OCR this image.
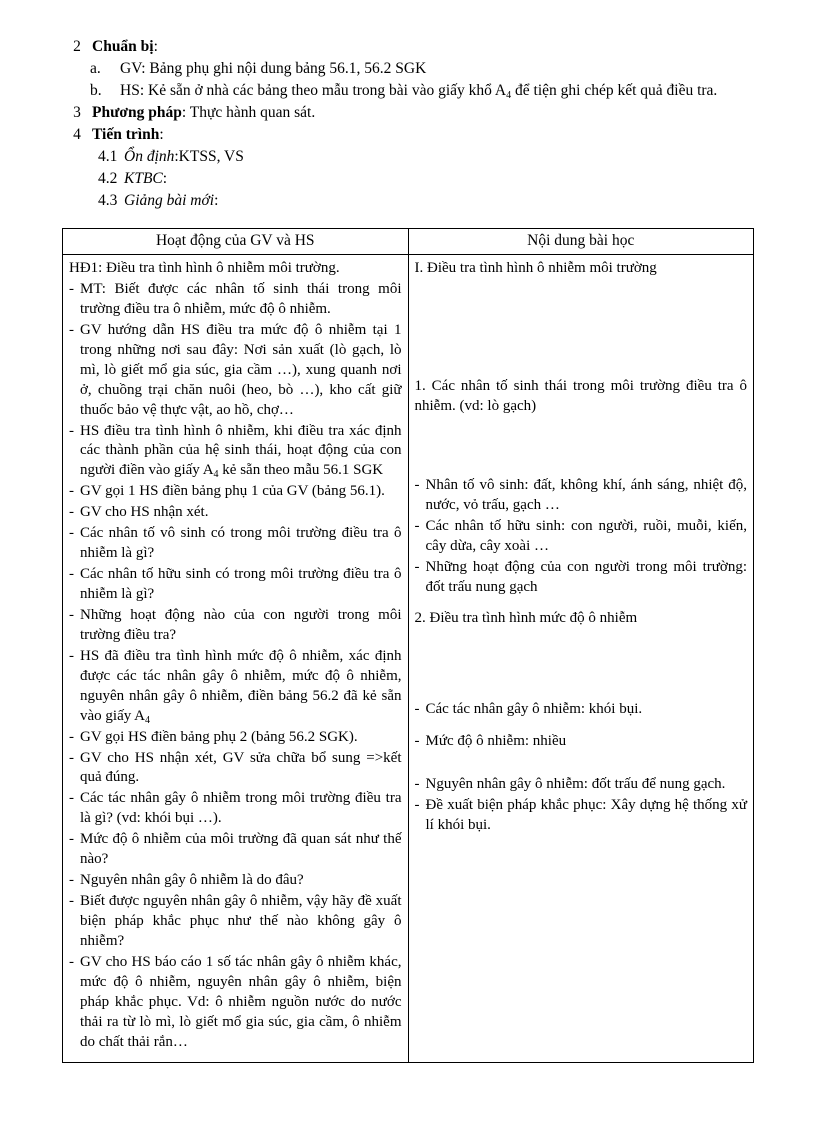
2 Chuẩn bị:
a.	GV: Bảng phụ ghi nội dung bảng 56.1, 56.2 SGK
b.	HS: Kẻ sẵn ở nhà các bảng theo mẫu trong bài vào giấy khổ $A_4$ để tiện ghi chép kết quả điều tra.
3 Phương pháp: Thực hành quan sát.
4 Tiến trình:
4.1 Ổn định:KTSS, VS
4.2 KTBC:
4.3 Giảng bài mới:
Hoạt động của GV và HS	Nội dung bài học

HĐ1: Điều tra tình hình ô nhiễm môi trường.
- MT: Biết được các nhân tố sinh thái trong môi trường điều tra ô nhiễm, mức độ ô nhiễm.
- GV hướng dẫn HS điều tra mức độ ô nhiễm tại 1 trong những nơi sau đây: Nơi sản xuất (lò gạch, lò mì, lò giết mổ gia súc, gia cầm …), xung quanh nơi ở, chuồng trại chăn nuôi (heo, bò …), kho cất giữ thuốc bảo vệ thực vật, ao hồ, chợ…
- HS điều tra tình hình ô nhiễm, khi điều tra xác định các thành phần của hệ sinh thái, hoạt động của con người điền vào giấy $A_4$ kẻ sẵn theo mẫu 56.1 SGK
- GV gọi 1 HS điền bảng phụ 1 của GV (bảng 56.1).
- GV cho HS nhận xét.
- Các nhân tố vô sinh có trong môi trường điều tra ô nhiễm là gì?
- Các nhân tố hữu sinh có trong môi trường điều tra ô nhiễm là gì?
- Những hoạt động nào của con người trong môi trường điều tra?
- HS đã điều tra tình hình mức độ ô nhiễm, xác định được các tác nhân gây ô nhiễm, mức độ ô nhiễm, nguyên nhân gây ô nhiễm, điền bảng 56.2 đã kẻ sẵn vào giấy $A_4$
- GV gọi HS điền bảng phụ 2 (bảng 56.2 SGK).
- GV cho HS nhận xét, GV sửa chữa bổ sung =>kết quả đúng.
- Các tác nhân gây ô nhiễm trong môi trường điều tra là gì? (vd: khói bụi …).
- Mức độ ô nhiễm của môi trường đã quan sát như thế nào?
- Nguyên nhân gây ô nhiễm là do đâu?
- Biết được nguyên nhân gây ô nhiễm, vậy hãy đề xuất biện pháp khắc phục như thế nào không gây ô nhiễm?
- GV cho HS báo cáo 1 số tác nhân gây ô nhiễm khác, mức độ ô nhiễm, nguyên nhân gây ô nhiễm, biện pháp khắc phục. Vd: ô nhiễm nguồn nước do nước thải ra từ lò mì, lò giết mổ gia súc, gia cầm, ô nhiễm do chất thải rắn…

I. Điều tra tình hình ô nhiễm môi trường
1. Các nhân tố sinh thái trong môi trường điều tra ô nhiễm. (vd: lò gạch)
- Nhân tố vô sinh: đất, không khí, ánh sáng, nhiệt độ, nước, vỏ trấu, gạch …
- Các nhân tố hữu sinh: con người, ruồi, muỗi, kiến, cây dừa, cây xoài …
- Những hoạt động của con người trong môi trường: đốt trấu nung gạch
2. Điều tra tình hình mức độ ô nhiễm
- Các tác nhân gây ô nhiễm: khói bụi.
- Mức độ ô nhiễm: nhiều
- Nguyên nhân gây ô nhiễm: đốt trấu để nung gạch.
- Đề xuất biện pháp khắc phục: Xây dựng hệ thống xử lí khói bụi.
